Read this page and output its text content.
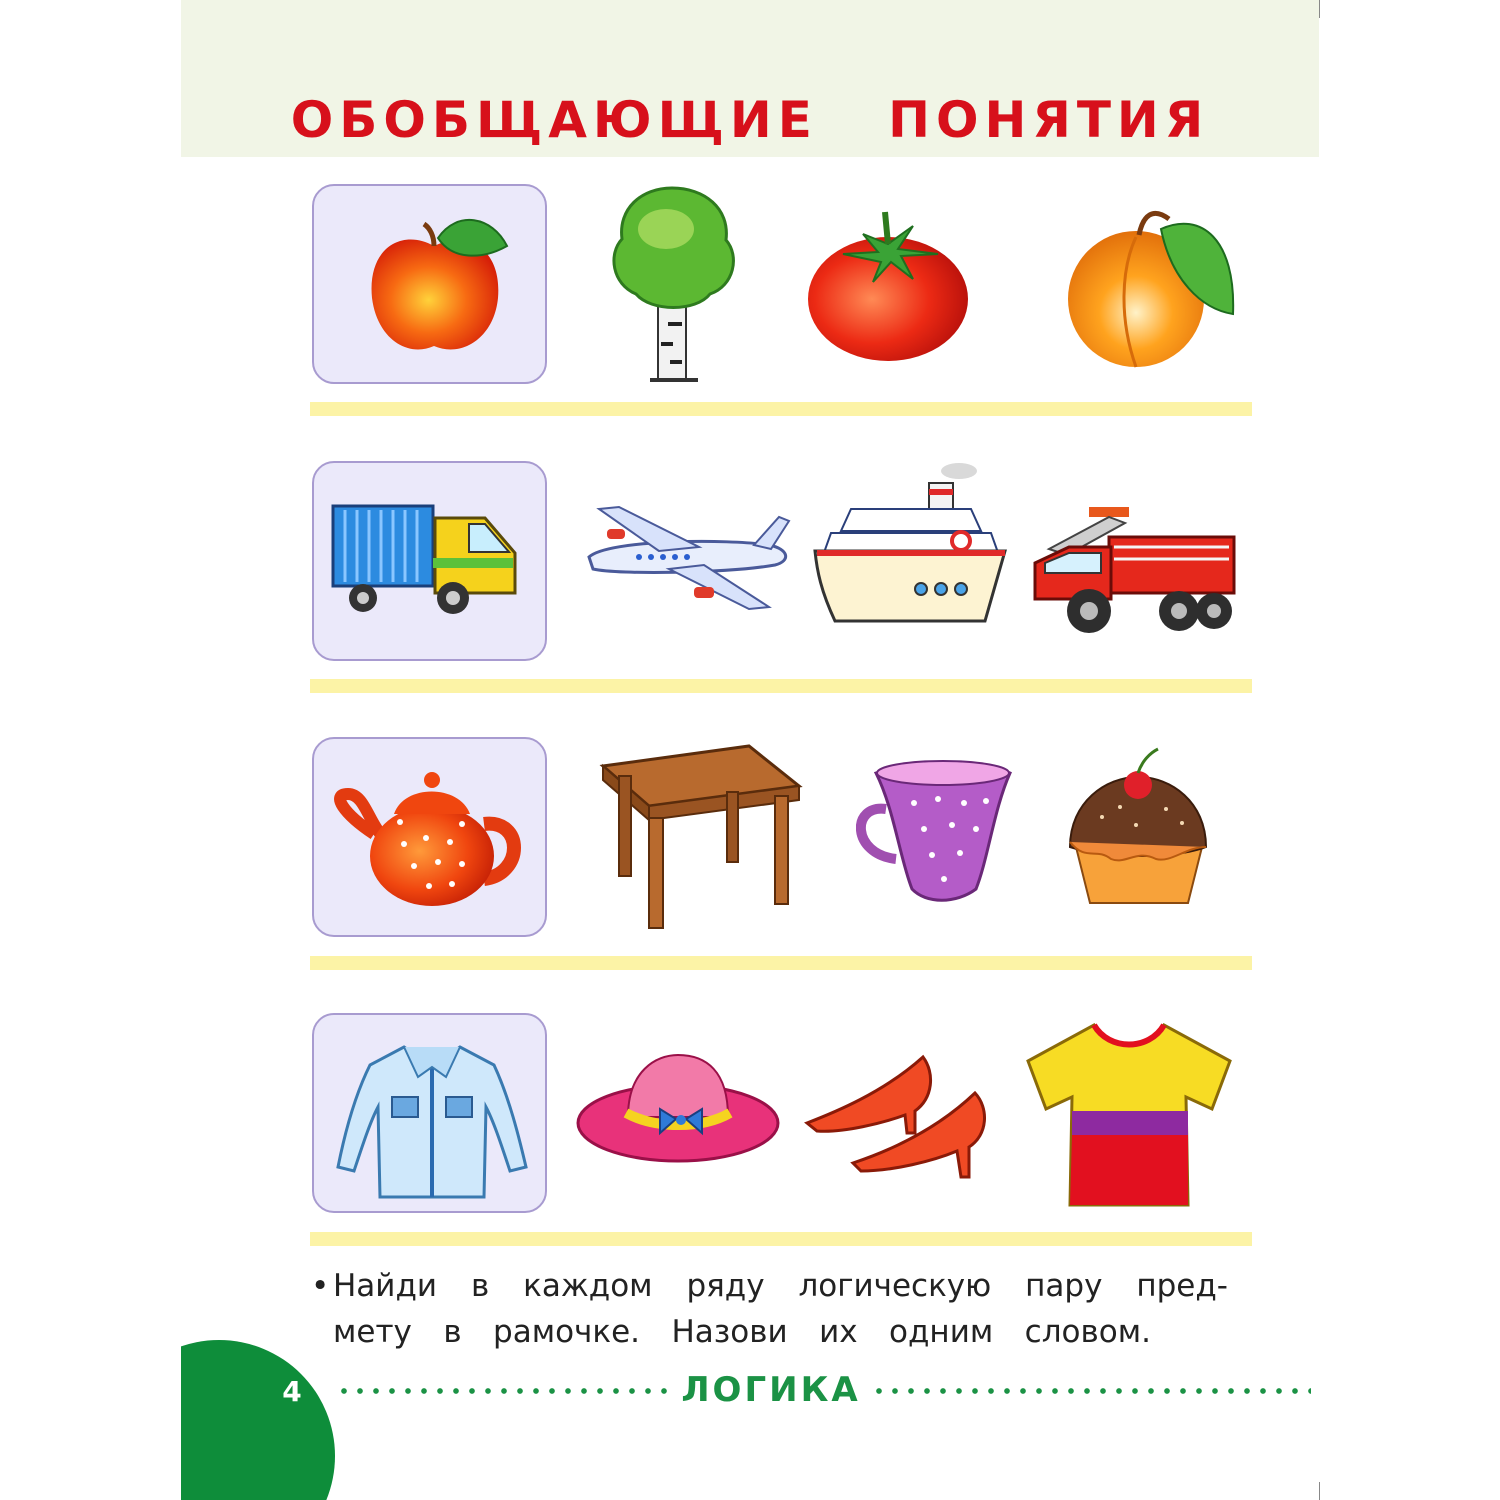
ОБОБЩАЮЩИЕ   ПОНЯТИЯ
• Найди в каждом ряду логическую пару пред-
мету в рамочке. Назови их одним словом.
4	ЛОГИКА
